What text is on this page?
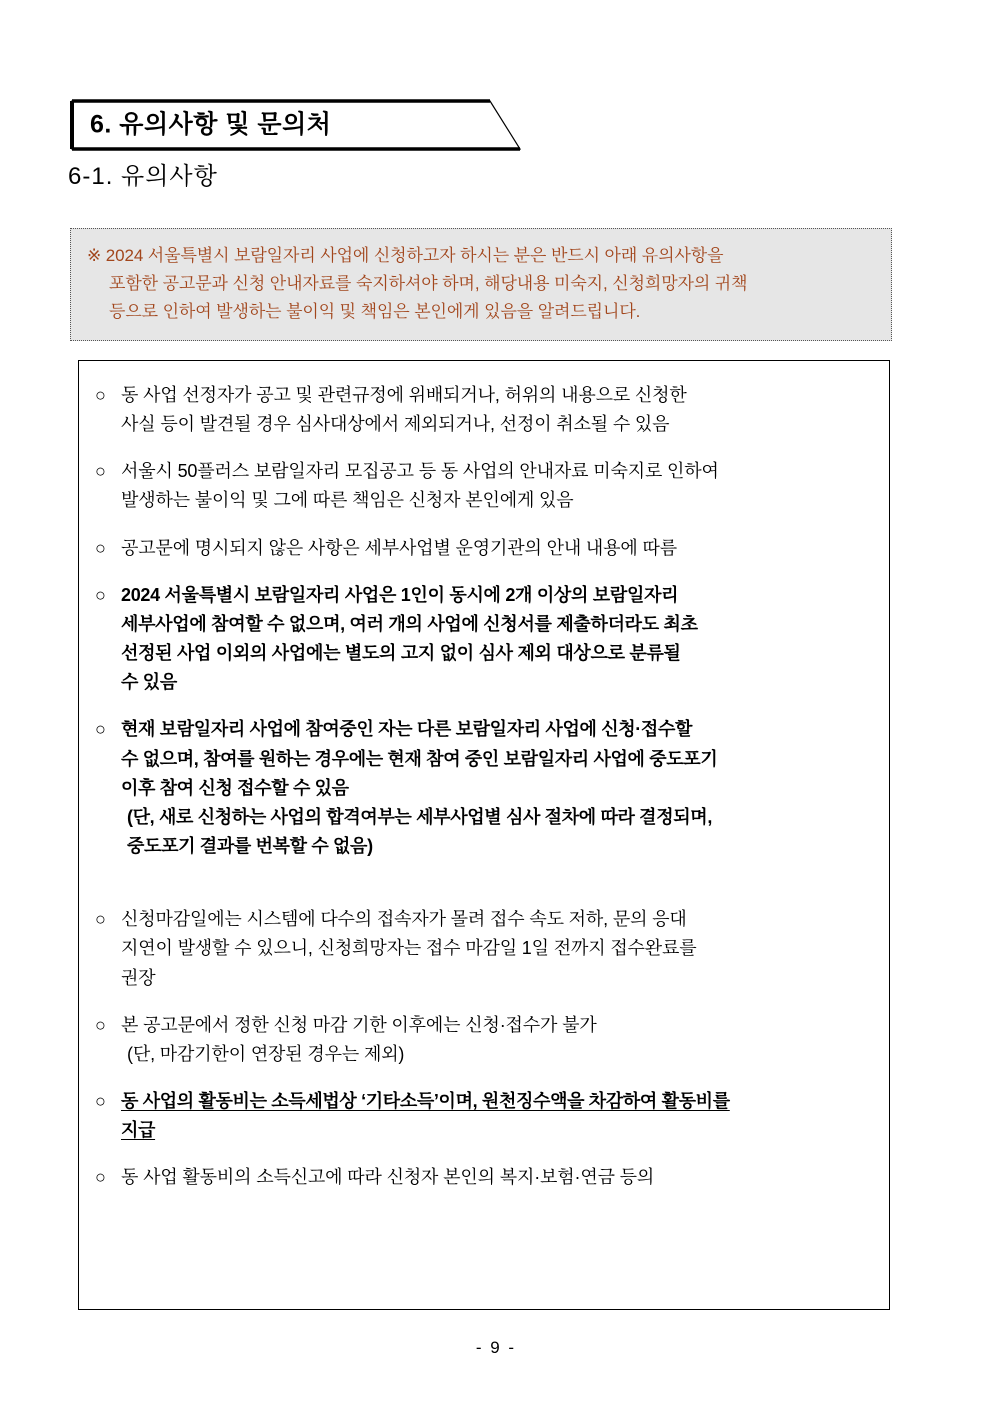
6. 유의사항 및 문의처
6-1. 유의사항
※ 2024 서울특별시 보람일자리 사업에 신청하고자 하시는 분은 반드시 아래 유의사항을
포함한 공고문과 신청 안내자료를 숙지하셔야 하며, 해당내용 미숙지, 신청희망자의 귀책
등으로 인하여 발생하는 불이익 및 책임은 본인에게 있음을 알려드립니다.
○ 동 사업 선정자가 공고 및 관련규정에 위배되거나, 허위의 내용으로 신청한
사실 등이 발견될 경우 심사대상에서 제외되거나, 선정이 취소될 수 있음
○ 서울시 50플러스 보람일자리 모집공고 등 동 사업의 안내자료 미숙지로 인하여
발생하는 불이익 및 그에 따른 책임은 신청자 본인에게 있음
○ 공고문에 명시되지 않은 사항은 세부사업별 운영기관의 안내 내용에 따름
○ 2024 서울특별시 보람일자리 사업은 1인이 동시에 2개 이상의 보람일자리
세부사업에 참여할 수 없으며, 여러 개의 사업에 신청서를 제출하더라도 최초
선정된 사업 이외의 사업에는 별도의 고지 없이 심사 제외 대상으로 분류될
수 있음
○ 현재 보람일자리 사업에 참여중인 자는 다른 보람일자리 사업에 신청·접수할
수 없으며, 참여를 원하는 경우에는 현재 참여 중인 보람일자리 사업에 중도포기
이후 참여 신청 접수할 수 있음
(단, 새로 신청하는 사업의 합격여부는 세부사업별 심사 절차에 따라 결정되며,
중도포기 결과를 번복할 수 없음)
○ 신청마감일에는 시스템에 다수의 접속자가 몰려 접수 속도 저하, 문의 응대
지연이 발생할 수 있으니, 신청희망자는 접수 마감일 1일 전까지 접수완료를
권장
○ 본 공고문에서 정한 신청 마감 기한 이후에는 신청·접수가 불가
(단, 마감기한이 연장된 경우는 제외)
○ 동 사업의 활동비는 소득세법상 ‘기타소득’이며, 원천징수액을 차감하여 활동비를
지급
○ 동 사업 활동비의 소득신고에 따라 신청자 본인의 복지·보험·연금 등의
- 9 -
